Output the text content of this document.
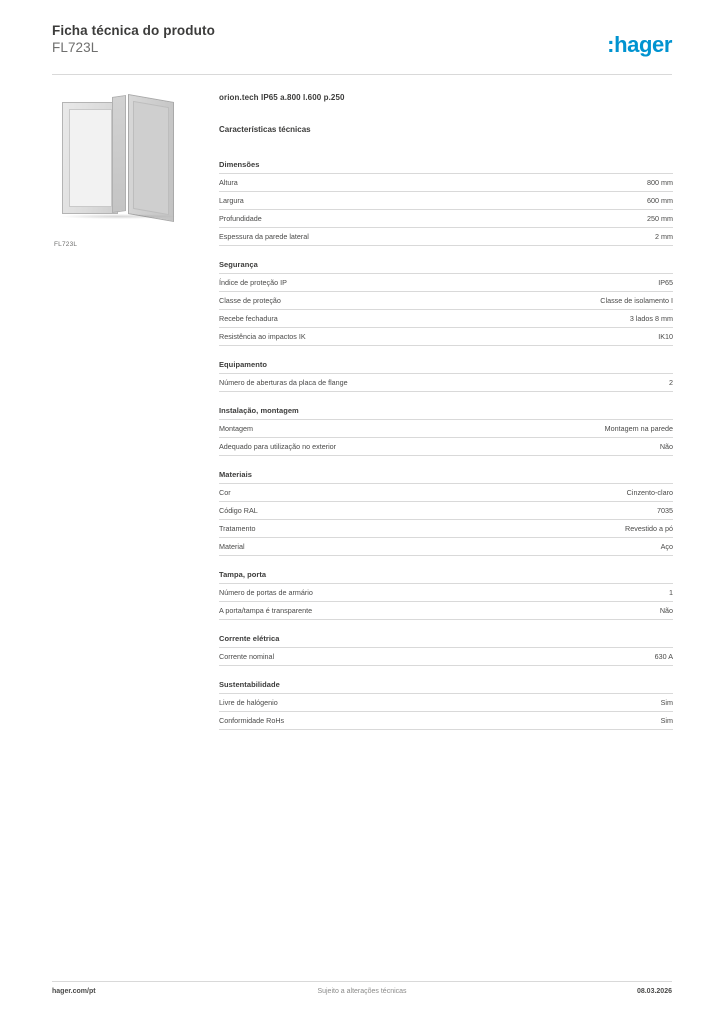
Ficha técnica do produto
FL723L	:hager
FL723L
orion.tech IP65 a.800 l.600 p.250
Características técnicas
Dimensões
Altura	800 mm
Largura	600 mm
Profundidade	250 mm
Espessura da parede lateral	2 mm
Segurança
Índice de proteção IP	IP65
Classe de proteção	Classe de isolamento I
Recebe fechadura	3 lados 8 mm
Resistência ao impactos IK	IK10
Equipamento
Número de aberturas da placa de flange	2
Instalação, montagem
Montagem	Montagem na parede
Adequado para utilização no exterior	Não
Materiais
Cor	Cinzento-claro
Código RAL	7035
Tratamento	Revestido a pó
Material	Aço
Tampa, porta
Número de portas de armário	1
A porta/tampa é transparente	Não
Corrente elétrica
Corrente nominal	630 A
Sustentabilidade
Livre de halógenio	Sim
Conformidade RoHs	Sim
hager.com/pt	Sujeito a alterações técnicas	08.03.2026
